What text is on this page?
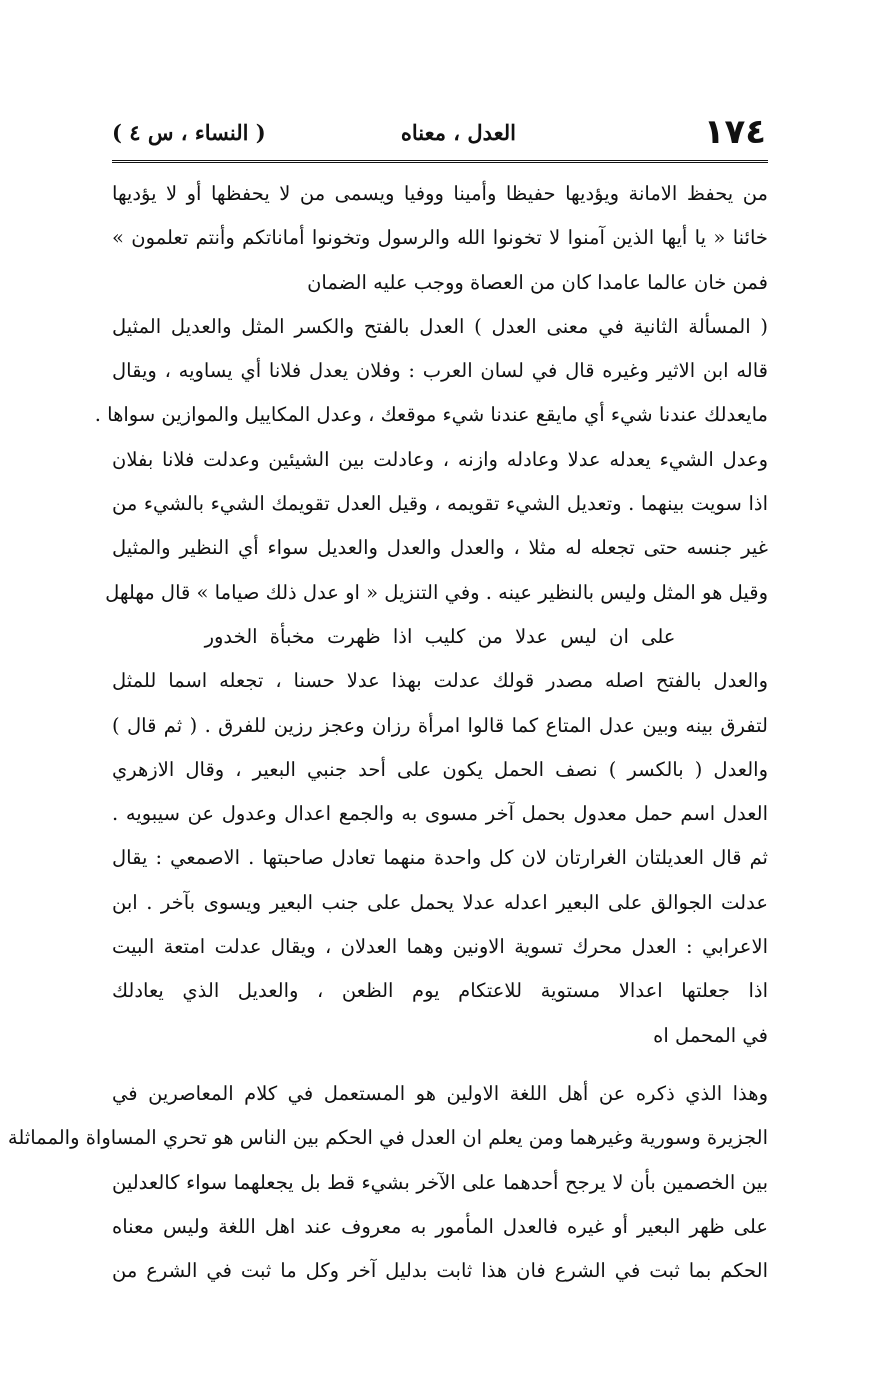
١٧٤
العدل ، معناه
( النساء ، س ٤ )
من يحفظ الامانة ويؤديها حفيظا وأمينا ووفيا ويسمى من لا يحفظها أو لا يؤديها
خائنا « يا أيها الذين آمنوا لا تخونوا الله والرسول وتخونوا أماناتكم وأنتم تعلمون »
فمن خان عالما عامدا كان من العصاة ووجب عليه الضمان
( المسألة الثانية في معنى العدل ) العدل بالفتح والكسر المثل والعديل المثيل
قاله ابن الاثير وغيره قال في لسان العرب : وفلان يعدل فلانا أي يساويه ، ويقال
مايعدلك عندنا شيء أي مايقع عندنا شيء موقعك ، وعدل المكاييل والموازين سواها .
وعدل الشيء يعدله عدلا وعادله وازنه ، وعادلت بين الشيئين وعدلت فلانا بفلان
اذا سويت بينهما . وتعديل الشيء تقويمه ، وقيل العدل تقويمك الشيء بالشيء من
غير جنسه حتى تجعله له مثلا ، والعدل والعدل والعديل سواء أي النظير والمثيل
وقيل هو المثل وليس بالنظير عينه . وفي التنزيل « او عدل ذلك صياما » قال مهلهل
على ان ليس عدلا من كليب اذا ظهرت مخبأة الخدور
والعدل بالفتح اصله مصدر قولك عدلت بهذا عدلا حسنا ، تجعله اسما للمثل
لتفرق بينه وبين عدل المتاع كما قالوا امرأة رزان وعجز رزين للفرق . ( ثم قال )
والعدل ( بالكسر ) نصف الحمل يكون على أحد جنبي البعير ، وقال الازهري
العدل اسم حمل معدول بحمل آخر مسوى به والجمع اعدال وعدول عن سيبويه .
ثم قال العديلتان الغرارتان لان كل واحدة منهما تعادل صاحبتها . الاصمعي : يقال
عدلت الجوالق على البعير اعدله عدلا يحمل على جنب البعير ويسوى بآخر . ابن
الاعرابي : العدل محرك تسوية الاونين وهما العدلان ، ويقال عدلت امتعة البيت
اذا جعلتها اعدالا مستوية للاعتكام يوم الظعن ، والعديل الذي يعادلك
في المحمل اه
وهذا الذي ذكره عن أهل اللغة الاولين هو المستعمل في كلام المعاصرين في
الجزيرة وسورية وغيرهما ومن يعلم ان العدل في الحكم بين الناس هو تحري المساواة والمماثلة
بين الخصمين بأن لا يرجح أحدهما على الآخر بشيء قط بل يجعلهما سواء كالعدلين
على ظهر البعير أو غيره فالعدل المأمور به معروف عند اهل اللغة وليس معناه
الحكم بما ثبت في الشرع فان هذا ثابت بدليل آخر وكل ما ثبت في الشرع من
